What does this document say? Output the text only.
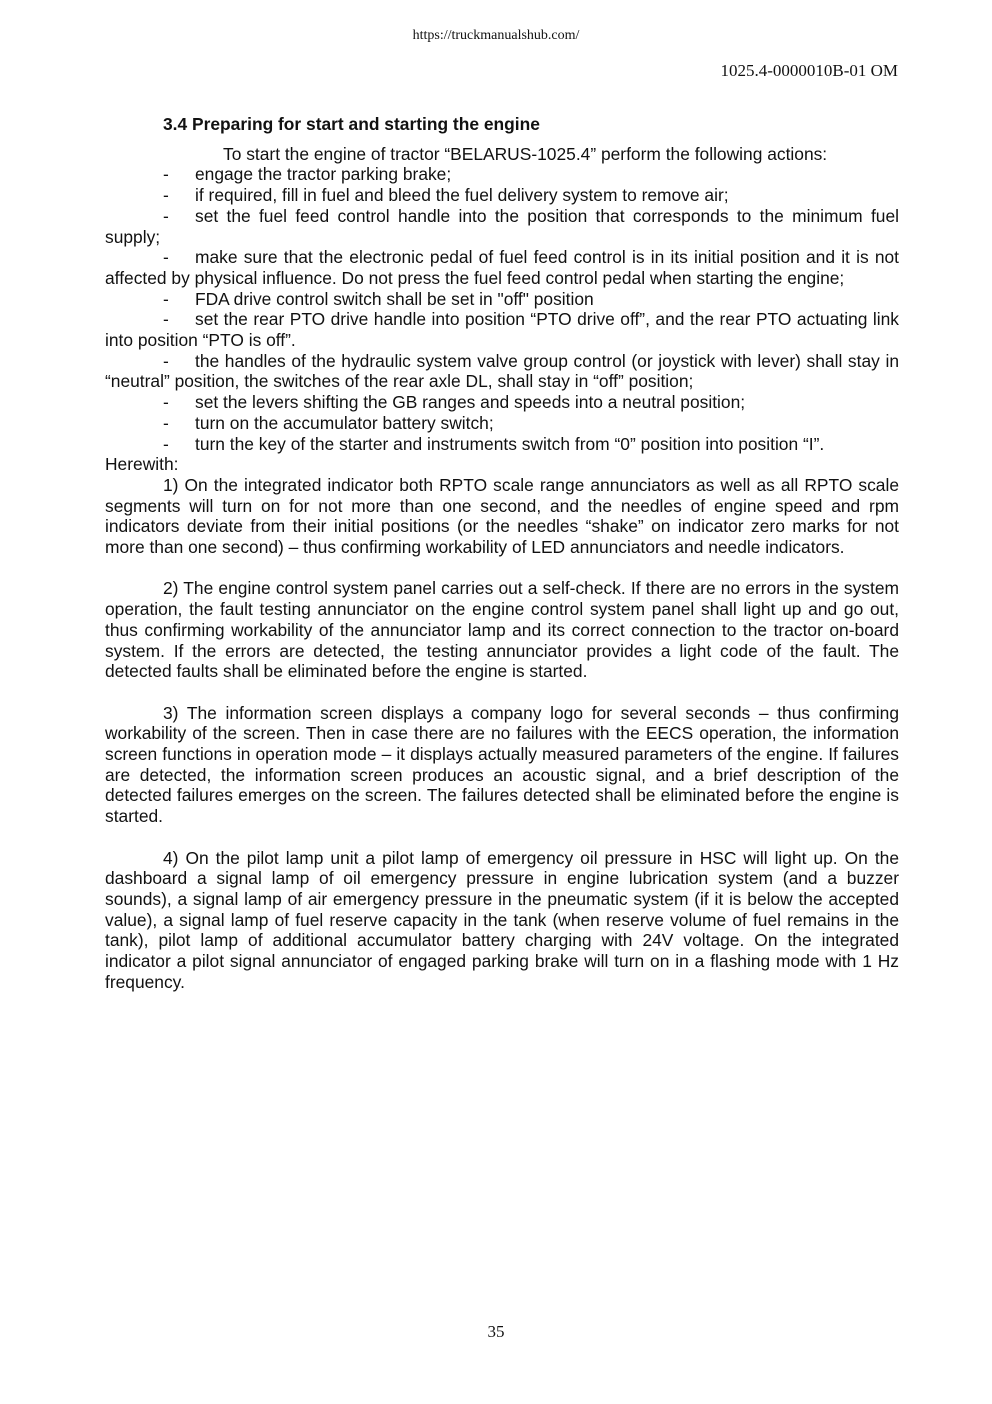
https://truckmanualshub.com/
1025.4-0000010B-01 OM

3.4 Preparing for start and starting the engine

To start the engine of tractor “BELARUS-1025.4” perform the following actions:

- engage the tractor parking brake;

- if required, fill in fuel and bleed the fuel delivery system to remove air;

- set the fuel feed control handle into the position that corresponds to the minimum fuel supply;

- make sure that the electronic pedal of fuel feed control is in its initial position and it is not affected by physical influence. Do not press the fuel feed control pedal when starting the engine;

- FDA drive control switch shall be set in "off" position

- set the rear PTO drive handle into position “PTO drive off”, and the rear PTO actuating link into position “PTO is off”.

- the handles of the hydraulic system valve group control (or joystick with lever) shall stay in “neutral” position, the switches of the rear axle DL, shall stay in “off” position;

- set the levers shifting the GB ranges and speeds into a neutral position;

- turn on the accumulator battery switch;

- turn the key of the starter and instruments switch from “0” position into position “I”.

Herewith:

1) On the integrated indicator both RPTO scale range annunciators as well as all RPTO scale segments will turn on for not more than one second, and the needles of engine speed and rpm indicators deviate from their initial positions (or the needles “shake” on indicator zero marks for not more than one second) – thus confirming workability of LED annunciators and needle indicators.

2) The engine control system panel carries out a self-check. If there are no errors in the system operation, the fault testing annunciator on the engine control system panel shall light up and go out, thus confirming workability of the annunciator lamp and its correct connection to the tractor on-board system. If the errors are detected, the testing annunciator provides a light code of the fault. The detected faults shall be eliminated before the engine is started.

3) The information screen displays a company logo for several seconds – thus confirming workability of the screen. Then in case there are no failures with the EECS operation, the information screen functions in operation mode – it displays actually measured parameters of the engine. If failures are detected, the information screen produces an acoustic signal, and a brief description of the detected failures emerges on the screen. The failures detected shall be eliminated before the engine is started.

4) On the pilot lamp unit a pilot lamp of emergency oil pressure in HSC will light up. On the dashboard a signal lamp of oil emergency pressure in engine lubrication system (and a buzzer sounds), a signal lamp of air emergency pressure in the pneumatic system (if it is below the accepted value), a signal lamp of fuel reserve capacity in the tank (when reserve volume of fuel remains in the tank), pilot lamp of additional accumulator battery charging with 24V voltage. On the integrated indicator a pilot signal annunciator of engaged parking brake will turn on in a flashing mode with 1 Hz frequency.

35
